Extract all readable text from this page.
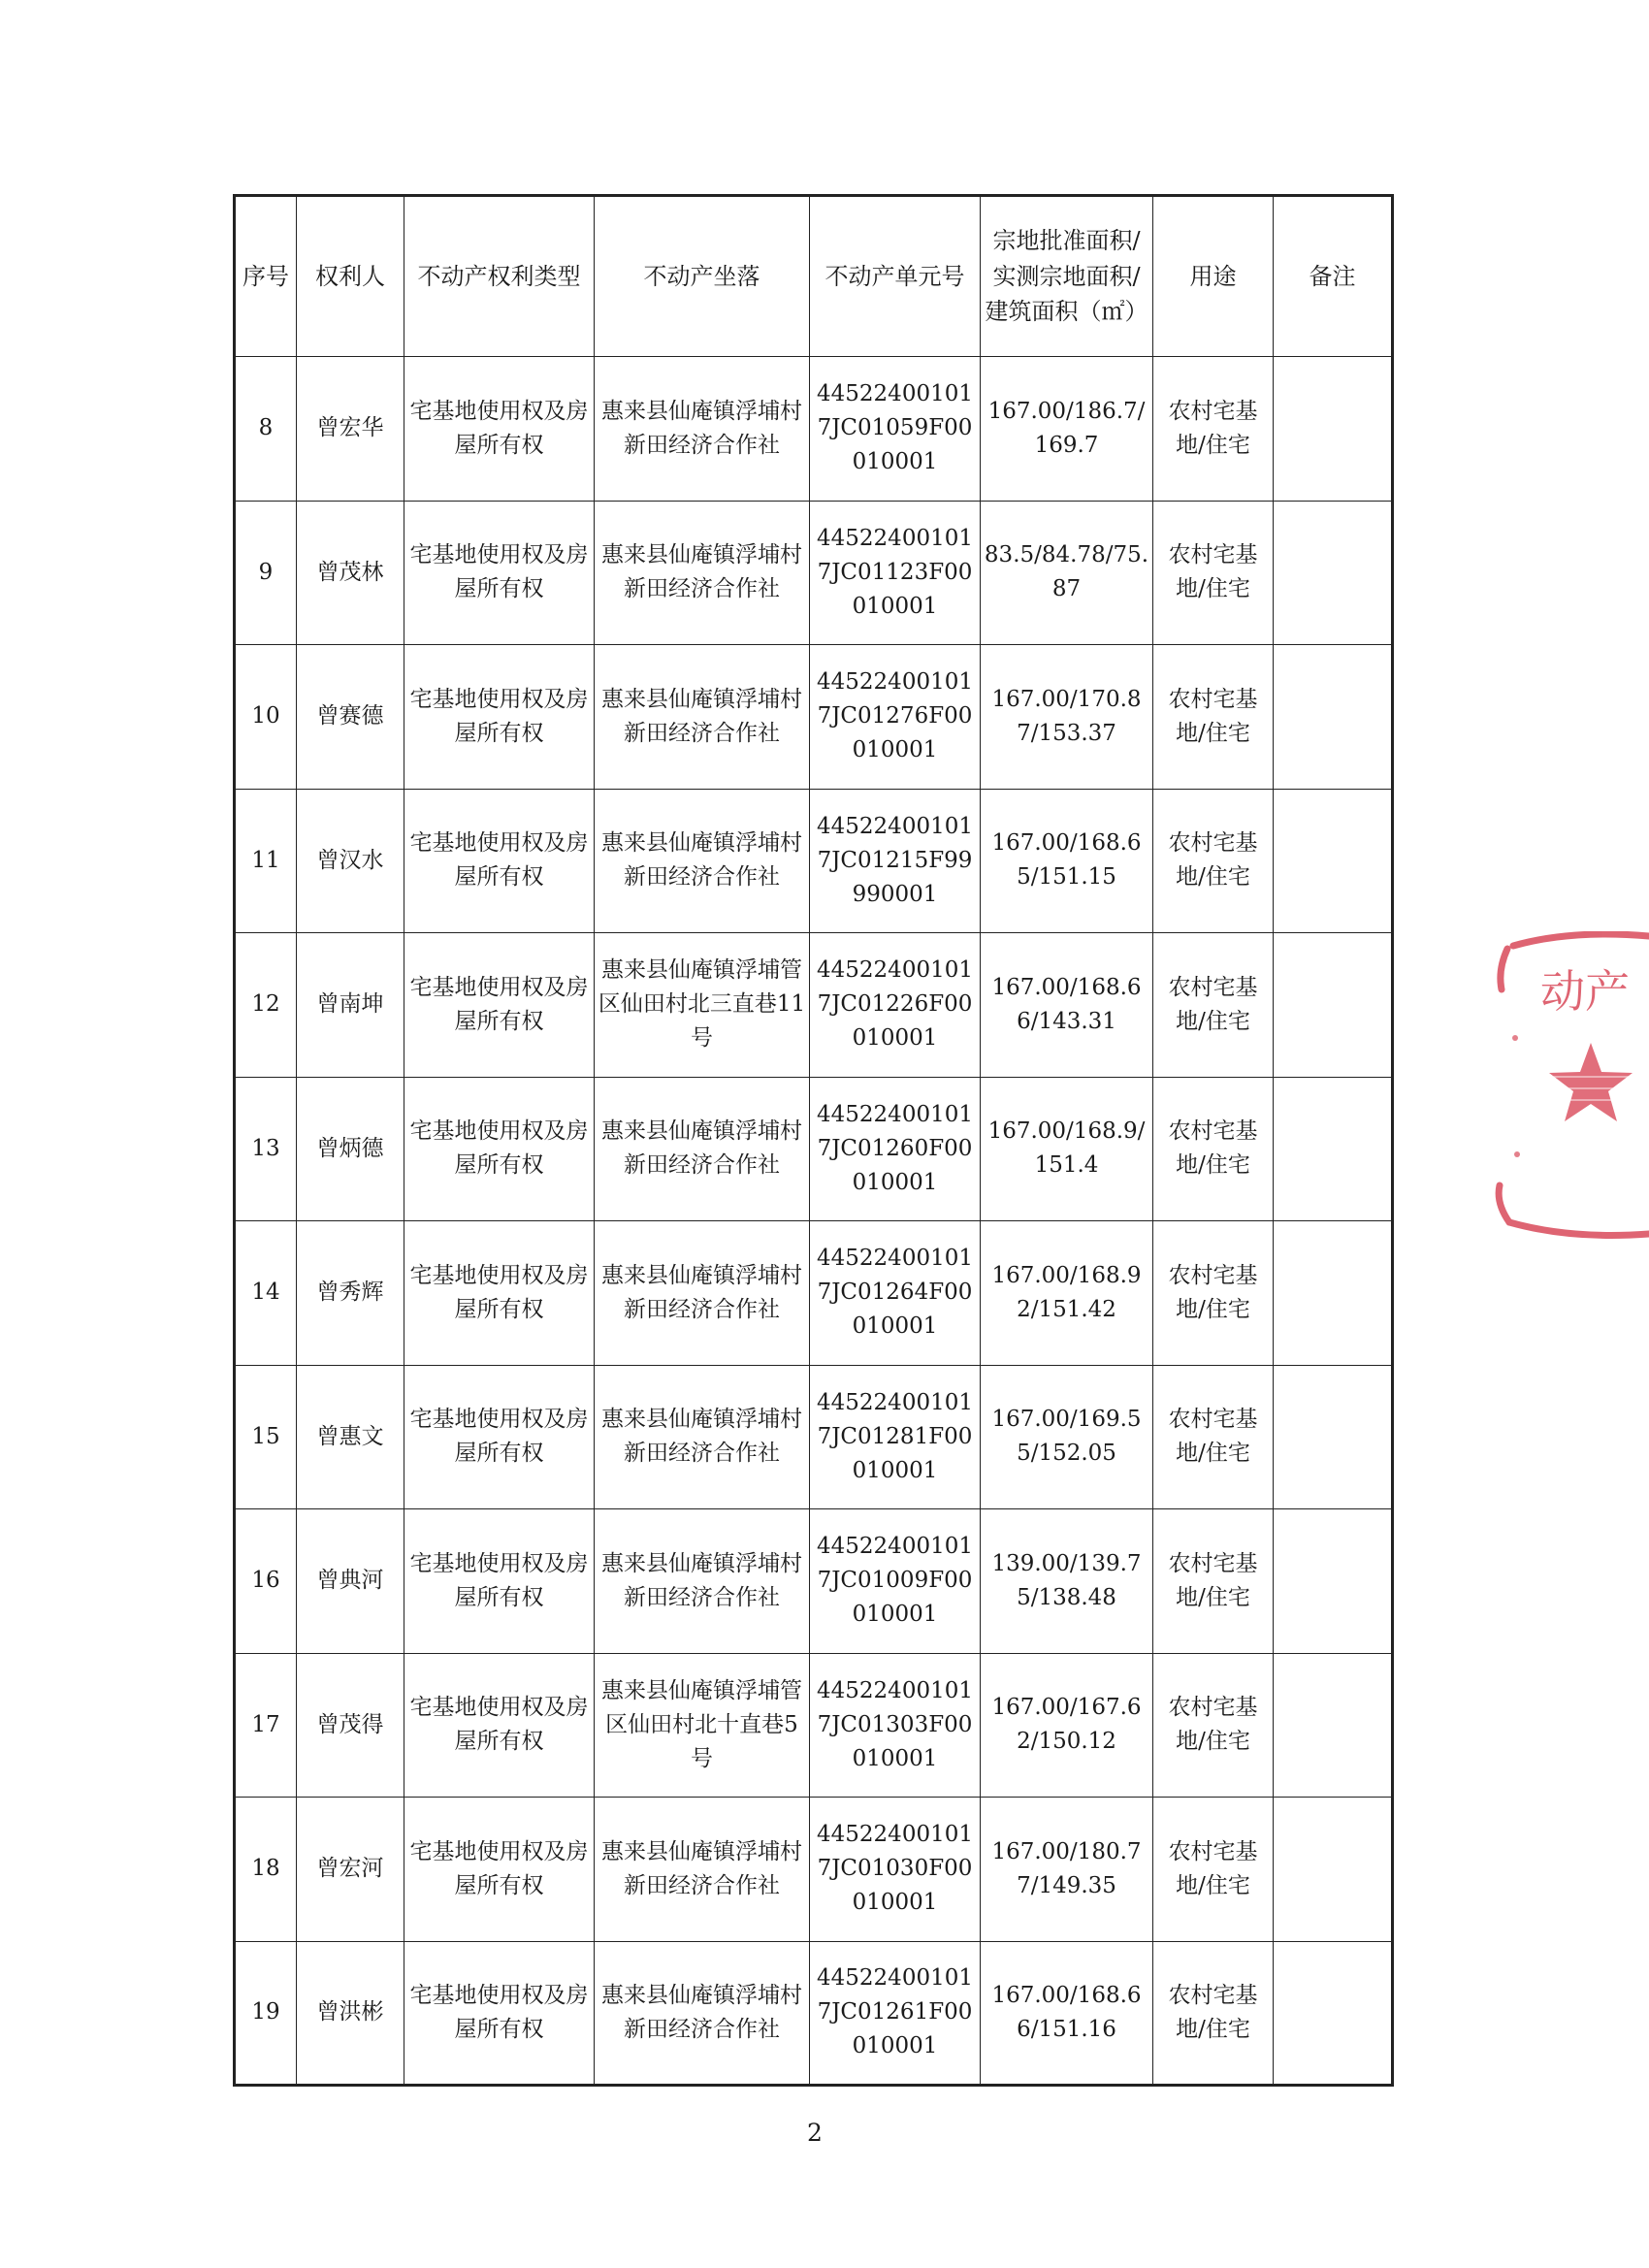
序号	权利人	不动产权利类型	不动产坐落	不动产单元号	宗地批准面积/实测宗地面积/建筑面积（㎡）	用途	备注
8	曾宏华	宅基地使用权及房屋所有权	惠来县仙庵镇浮埔村新田经济合作社	445224001017JC01059F00010001	167.00/186.7/169.7	农村宅基地/住宅	
9	曾茂林	宅基地使用权及房屋所有权	惠来县仙庵镇浮埔村新田经济合作社	445224001017JC01123F00010001	83.5/84.78/75.87	农村宅基地/住宅	
10	曾赛德	宅基地使用权及房屋所有权	惠来县仙庵镇浮埔村新田经济合作社	445224001017JC01276F00010001	167.00/170.87/153.37	农村宅基地/住宅	
11	曾汉水	宅基地使用权及房屋所有权	惠来县仙庵镇浮埔村新田经济合作社	445224001017JC01215F99990001	167.00/168.65/151.15	农村宅基地/住宅	
12	曾南坤	宅基地使用权及房屋所有权	惠来县仙庵镇浮埔管区仙田村北三直巷11号	445224001017JC01226F00010001	167.00/168.66/143.31	农村宅基地/住宅	
13	曾炳德	宅基地使用权及房屋所有权	惠来县仙庵镇浮埔村新田经济合作社	445224001017JC01260F00010001	167.00/168.9/151.4	农村宅基地/住宅	
14	曾秀辉	宅基地使用权及房屋所有权	惠来县仙庵镇浮埔村新田经济合作社	445224001017JC01264F00010001	167.00/168.92/151.42	农村宅基地/住宅	
15	曾惠文	宅基地使用权及房屋所有权	惠来县仙庵镇浮埔村新田经济合作社	445224001017JC01281F00010001	167.00/169.55/152.05	农村宅基地/住宅	
16	曾典河	宅基地使用权及房屋所有权	惠来县仙庵镇浮埔村新田经济合作社	445224001017JC01009F00010001	139.00/139.75/138.48	农村宅基地/住宅	
17	曾茂得	宅基地使用权及房屋所有权	惠来县仙庵镇浮埔管区仙田村北十直巷5号	445224001017JC01303F00010001	167.00/167.62/150.12	农村宅基地/住宅	
18	曾宏河	宅基地使用权及房屋所有权	惠来县仙庵镇浮埔村新田经济合作社	445224001017JC01030F00010001	167.00/180.77/149.35	农村宅基地/住宅	
19	曾洪彬	宅基地使用权及房屋所有权	惠来县仙庵镇浮埔村新田经济合作社	445224001017JC01261F00010001	167.00/168.66/151.16	农村宅基地/住宅	
动产
2
